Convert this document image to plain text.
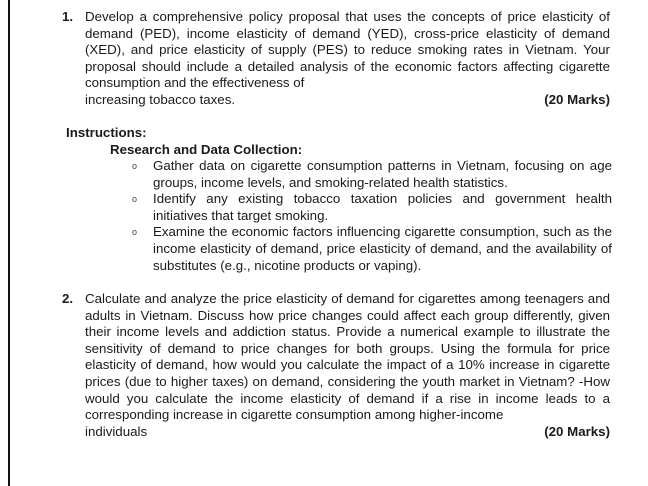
1. Develop a comprehensive policy proposal that uses the concepts of price elasticity of demand (PED), income elasticity of demand (YED), cross-price elasticity of demand (XED), and price elasticity of supply (PES) to reduce smoking rates in Vietnam. Your proposal should include a detailed analysis of the economic factors affecting cigarette consumption and the effectiveness of
increasing tobacco taxes.	(20 Marks)
Instructions:
Research and Data Collection:
o Gather data on cigarette consumption patterns in Vietnam, focusing on age groups, income levels, and smoking-related health statistics.
o Identify any existing tobacco taxation policies and government health initiatives that target smoking.
o Examine the economic factors influencing cigarette consumption, such as the income elasticity of demand, price elasticity of demand, and the availability of substitutes (e.g., nicotine products or vaping).
2. Calculate and analyze the price elasticity of demand for cigarettes among teenagers and adults in Vietnam. Discuss how price changes could affect each group differently, given their income levels and addiction status. Provide a numerical example to illustrate the sensitivity of demand to price changes for both groups. Using the formula for price elasticity of demand, how would you calculate the impact of a 10% increase in cigarette prices (due to higher taxes) on demand, considering the youth market in Vietnam? -How would you calculate the income elasticity of demand if a rise in income leads to a corresponding increase in cigarette consumption among higher-income
individuals	(20 Marks)
